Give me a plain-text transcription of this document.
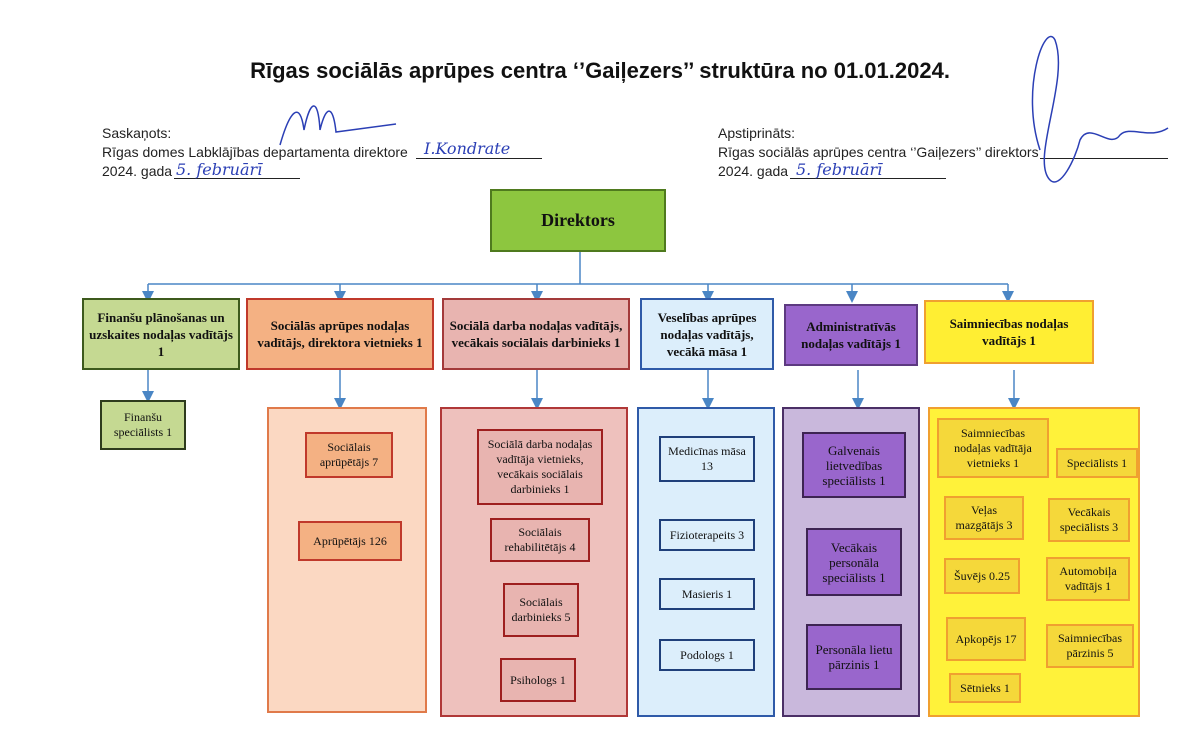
Rīgas sociālās aprūpes centra ‘’Gaiļezers’’ struktūra no 01.01.2024.
Saskaņots:
Rīgas domes Labklājības departamenta direktore
2024. gada
Apstiprināts:
Rīgas sociālās aprūpes centra ‘’Gaiļezers’’ direktors
2024. gada
I.Kondrate
5. februārī	5. februārī
Direktors
Finanšu plānošanas un uzskaites nodaļas vadītājs 1
Sociālās aprūpes nodaļas vadītājs, direktora vietnieks 1
Sociālā darba nodaļas vadītājs, vecākais sociālais darbinieks 1
Veselības aprūpes nodaļas vadītājs, vecākā māsa 1
Administratīvās nodaļas vadītājs 1
Saimniecības nodaļas vadītājs 1
Finanšu speciālists 1
Sociālais aprūpētājs 7
Aprūpētājs 126
Sociālā darba nodaļas vadītāja vietnieks, vecākais sociālais darbinieks 1
Sociālais rehabilitētājs 4
Sociālais darbinieks 5
Psihologs 1
Medicīnas māsa 13
Fizioterapeits 3
Masieris 1
Podologs 1
Galvenais lietvedības speciālists 1
Vecākais personāla speciālists 1
Personāla lietu pārzinis 1
Saimniecības nodaļas vadītāja vietnieks 1	Speciālists 1
Veļas mazgātājs 3
Vecākais speciālists 3
Šuvējs 0.25	Automobiļa vadītājs 1
Apkopējs 17	Saimniecības pārzinis 5
Sētnieks 1
